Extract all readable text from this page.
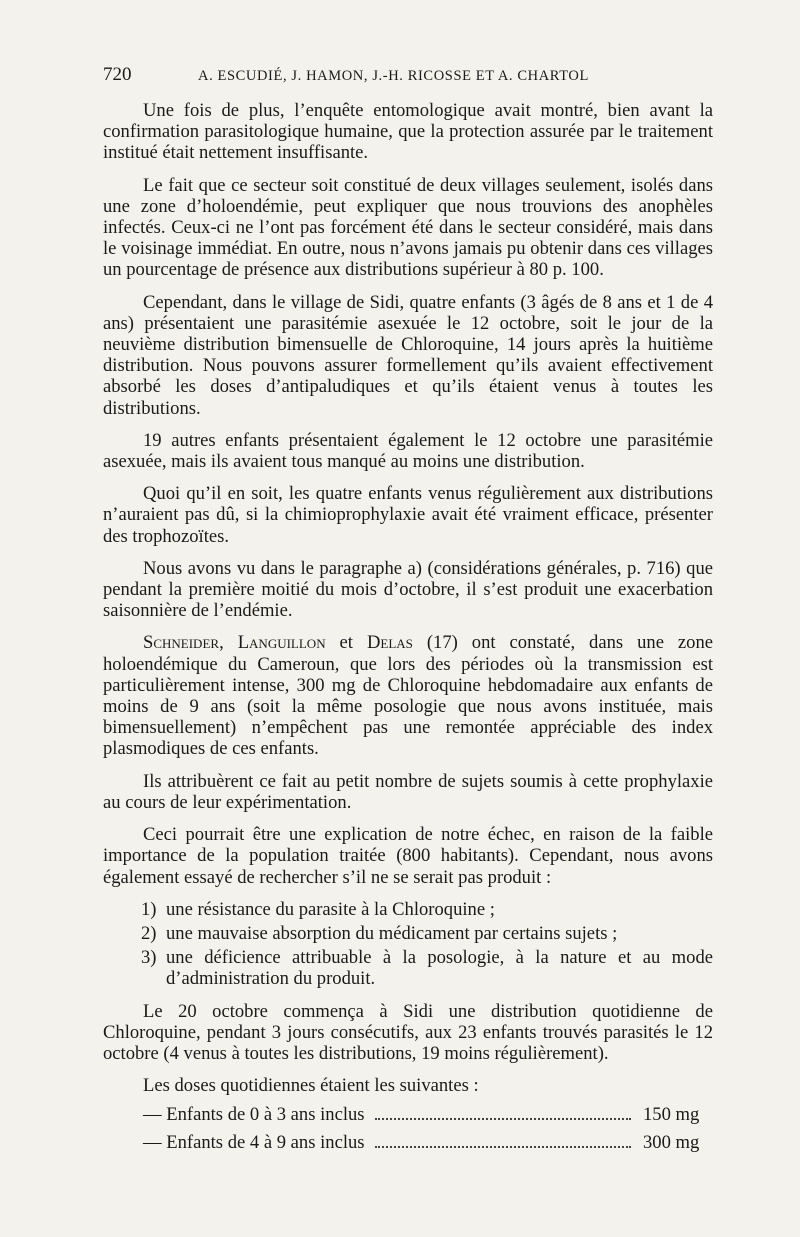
720	A. ESCUDIÉ, J. HAMON, J.-H. RICOSSE ET A. CHARTOL

Une fois de plus, l’enquête entomologique avait montré, bien avant la confirmation parasitologique humaine, que la protection assurée par le traitement institué était nettement insuffisante.

Le fait que ce secteur soit constitué de deux villages seulement, isolés dans une zone d’holoendémie, peut expliquer que nous trouvions des anophèles infectés. Ceux-ci ne l’ont pas forcément été dans le secteur considéré, mais dans le voisinage immédiat. En outre, nous n’avons jamais pu obtenir dans ces villages un pourcentage de présence aux distributions supérieur à 80 p. 100.

Cependant, dans le village de Sidi, quatre enfants (3 âgés de 8 ans et 1 de 4 ans) présentaient une parasitémie asexuée le 12 octobre, soit le jour de la neuvième distribution bimensuelle de Chloroquine, 14 jours après la huitième distribution. Nous pouvons assurer formellement qu’ils avaient effectivement absorbé les doses d’antipaludiques et qu’ils étaient venus à toutes les distributions.

19 autres enfants présentaient également le 12 octobre une parasitémie asexuée, mais ils avaient tous manqué au moins une distribution.

Quoi qu’il en soit, les quatre enfants venus régulièrement aux distributions n’auraient pas dû, si la chimioprophylaxie avait été vraiment efficace, présenter des trophozoïtes.

Nous avons vu dans le paragraphe a) (considérations générales, p. 716) que pendant la première moitié du mois d’octobre, il s’est produit une exacerbation saisonnière de l’endémie.

Schneider, Languillon et Delas (17) ont constaté, dans une zone holoendémique du Cameroun, que lors des périodes où la transmission est particulièrement intense, 300 mg de Chloroquine hebdomadaire aux enfants de moins de 9 ans (soit la même posologie que nous avons instituée, mais bimensuellement) n’empêchent pas une remontée appréciable des index plasmodiques de ces enfants.

Ils attribuèrent ce fait au petit nombre de sujets soumis à cette prophylaxie au cours de leur expérimentation.

Ceci pourrait être une explication de notre échec, en raison de la faible importance de la population traitée (800 habitants). Cependant, nous avons également essayé de rechercher s’il ne se serait pas produit :

1) une résistance du parasite à la Chloroquine ;
2) une mauvaise absorption du médicament par certains sujets ;
3) une déficience attribuable à la posologie, à la nature et au mode d’administration du produit.

Le 20 octobre commença à Sidi une distribution quotidienne de Chloroquine, pendant 3 jours consécutifs, aux 23 enfants trouvés parasités le 12 octobre (4 venus à toutes les distributions, 19 moins régulièrement).

Les doses quotidiennes étaient les suivantes :

— Enfants de 0 à 3 ans inclus	150 mg
— Enfants de 4 à 9 ans inclus	300 mg
